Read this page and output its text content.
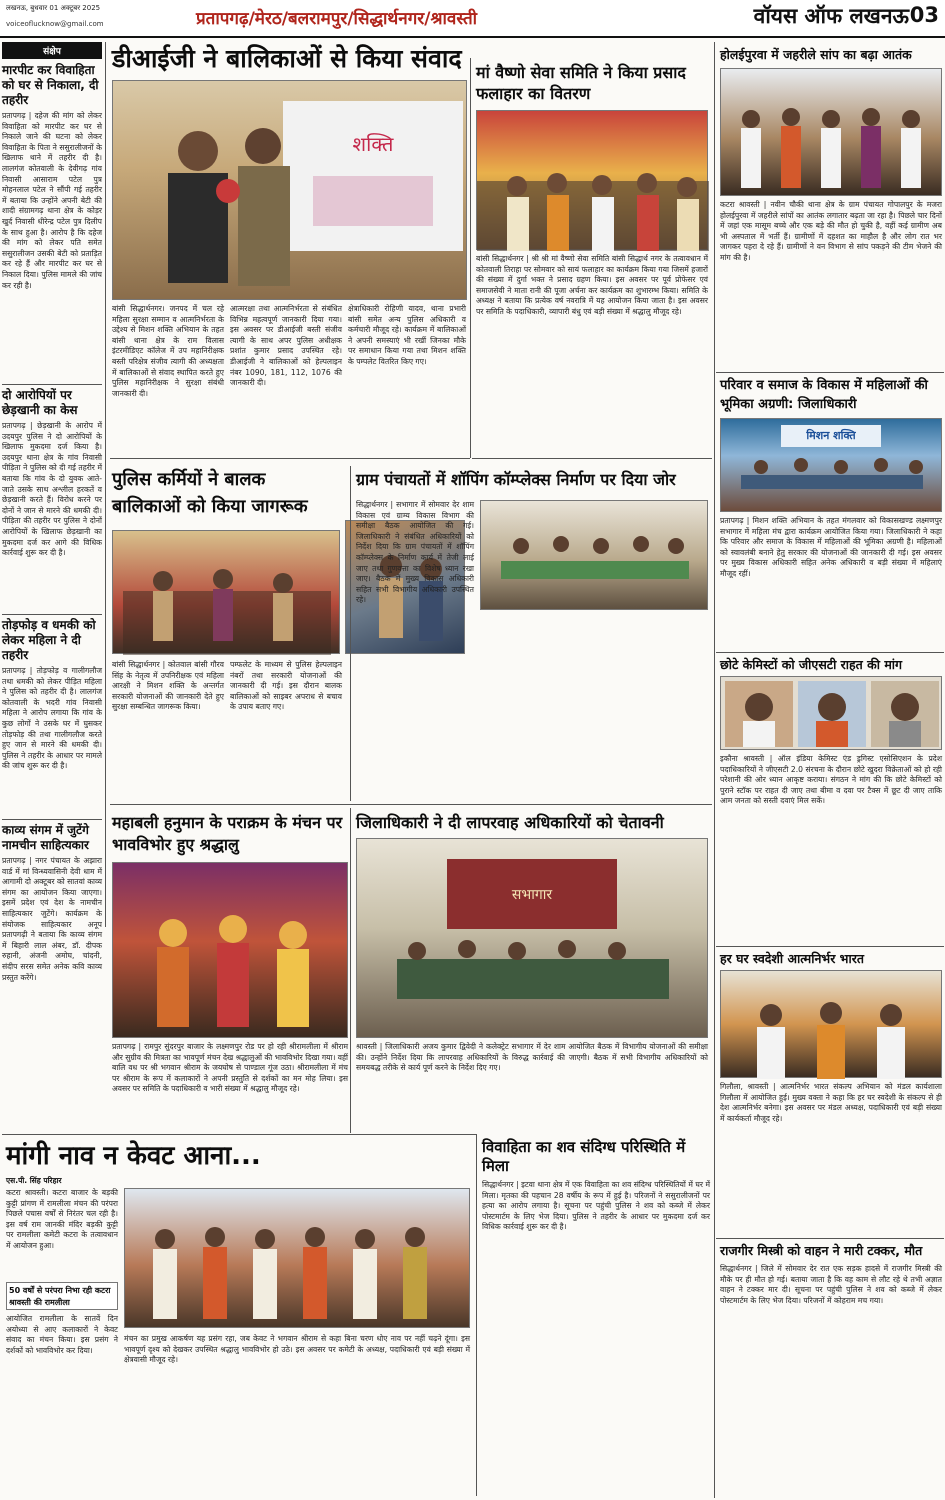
लखनऊ, बुधवार 01 अक्टूबर 2025
voiceoflucknow@gmail.com	प्रतापगढ़/मेरठ/बलरामपुर/सिद्धार्थनगर/श्रावस्ती	वॉयस ऑफ लखनऊ 03
संक्षेप
मारपीट कर विवाहिता को घर से निकाला, दी तहरीर
प्रतापगढ़ | दहेज की मांग को लेकर विवाहिता को मारपीट कर घर से निकाले जाने की घटना को लेकर विवाहिता के पिता ने ससुरालीजनों के खिलाफ थाने में तहरीर दी है। लालगंज कोतवाली के देवीगढ़ गांव निवासी आसाराम पटेल पुत्र मोहनलाल पटेल ने सौंपी गई तहरीर में बताया कि उन्होंने अपनी बेटी की शादी संग्रामगढ़ थाना क्षेत्र के कोड़र खुर्द निवासी धीरेन्द्र पटेल पुत्र दिलीप के साथ हुआ है। आरोप है कि दहेज की मांग को लेकर पति समेत ससुरालीजन उसकी बेटी को प्रताड़ित कर रहे हैं और मारपीट कर घर से निकाल दिया। पुलिस मामले की जांच कर रही है।
दो आरोपियों पर छेड़खानी का केस
प्रतापगढ़ | छेड़खानी के आरोप में उदयपुर पुलिस ने दो आरोपियों के खिलाफ मुकदमा दर्ज किया है। उदयपुर थाना क्षेत्र के गांव निवासी पीड़िता ने पुलिस को दी गई तहरीर में बताया कि गांव के दो युवक आते-जाते उसके साथ अश्लील हरकतें व छेड़खानी करते हैं। विरोध करने पर दोनों ने जान से मारने की धमकी दी। पीड़िता की तहरीर पर पुलिस ने दोनों आरोपियों के खिलाफ छेड़खानी का मुकदमा दर्ज कर आगे की विधिक कार्रवाई शुरू कर दी है।
तोड़फोड़ व धमकी को लेकर महिला ने दी तहरीर
प्रतापगढ़ | तोड़फोड़ व गालीगलौज तथा धमकी को लेकर पीड़ित महिला ने पुलिस को तहरीर दी है। लालगंज कोतवाली के भदरी गांव निवासी महिला ने आरोप लगाया कि गांव के कुछ लोगों ने उसके घर में घुसकर तोड़फोड़ की तथा गालीगलौज करते हुए जान से मारने की धमकी दी। पुलिस ने तहरीर के आधार पर मामले की जांच शुरू कर दी है।
काव्य संगम में जुटेंगे नामचीन साहित्यकार
प्रतापगढ़ | नगर पंचायत के अझारा वार्ड में मां विन्ध्यवासिनी देवी धाम में आगामी दो अक्टूबर को सातवां काव्य संगम का आयोजन किया जाएगा। इसमें प्रदेश एवं देश के नामचीन साहित्यकार जुटेंगे। कार्यक्रम के संयोजक साहित्यकार अनूप प्रतापगढ़ी ने बताया कि काव्य संगम में बिहारी लाल अंबर, डॉ. दीपक रुहानी, अंजनी अमोघ, चांदनी, संदीप सरस समेत अनेक कवि काव्य प्रस्तुत करेंगे।
डीआईजी ने बालिकाओं से किया संवाद
शक्ति
बांसी सिद्धार्थनगर। जनपद में चल रहे महिला सुरक्षा सम्मान व आत्मनिर्भरता के उद्देश्य से मिशन शक्ति अभियान के तहत बांसी थाना क्षेत्र के राम विलास इंटरमीडिएट कॉलेज में उप महानिरीक्षक बस्ती परिक्षेत्र संजीव त्यागी की अध्यक्षता में बालिकाओं से संवाद स्थापित करते हुए पुलिस महानिरीक्षक ने सुरक्षा संबंधी जानकारी दी।
आत्मरक्षा तथा आत्मनिर्भरता से संबंधित विभिन्न महत्वपूर्ण जानकारी दिया गया। इस अवसर पर डीआईजी बस्ती संजीव त्यागी के साथ अपर पुलिस अधीक्षक प्रशांत कुमार प्रसाद उपस्थित रहे। डीआईजी ने बालिकाओं को हेल्पलाइन नंबर 1090, 181, 112, 1076 की जानकारी दी।
क्षेत्राधिकारी रोहिणी यादव, थाना प्रभारी बांसी समेत अन्य पुलिस अधिकारी व कर्मचारी मौजूद रहे। कार्यक्रम में बालिकाओं ने अपनी समस्याएं भी रखीं जिनका मौके पर समाधान किया गया तथा मिशन शक्ति के पम्पलेट वितरित किए गए।
मां वैष्णो सेवा समिति ने किया प्रसाद फलाहार का वितरण
बांसी सिद्धार्थनगर | श्री श्री मां वैष्णो सेवा समिति बांसी सिद्धार्थ नगर के तत्वावधान में कोतवाली तिराहा पर सोमवार को सायं फलाहार का कार्यक्रम किया गया जिसमें हजारों की संख्या में दुर्गा भक्त ने प्रसाद ग्रहण किया। इस अवसर पर पूर्व प्रोफेसर एवं समाजसेवी ने माता रानी की पूजा अर्चना कर कार्यक्रम का शुभारम्भ किया। समिति के अध्यक्ष ने बताया कि प्रत्येक वर्ष नवरात्रि में यह आयोजन किया जाता है। इस अवसर पर समिति के पदाधिकारी, व्यापारी बंधु एवं बड़ी संख्या में श्रद्धालु मौजूद रहे।
पुलिस कर्मियों ने बालक बालिकाओं को किया जागरूक
बांसी सिद्धार्थनगर | कोतवाल बांसी गौरव सिंह के नेतृत्व में उपनिरीक्षक एवं महिला आरक्षी ने मिशन शक्ति के अन्तर्गत सरकारी योजनाओं की जानकारी देते हुए सुरक्षा सम्बन्धित जागरूक किया।
पम्फलेट के माध्यम से पुलिस हेल्पलाइन नंबरों तथा सरकारी योजनाओं की जानकारी दी गई। इस दौरान बालक बालिकाओं को साइबर अपराध से बचाव के उपाय बताए गए।
ग्राम पंचायतों में शॉपिंग कॉम्प्लेक्स निर्माण पर दिया जोर
सिद्धार्थनगर | सभागार में सोमवार देर शाम विकास एवं ग्राम्य विकास विभाग की समीक्षा बैठक आयोजित की गई। जिलाधिकारी ने संबंधित अधिकारियों को निर्देश दिया कि ग्राम पंचायतों में शॉपिंग कॉम्प्लेक्स के निर्माण कार्य में तेजी लाई जाए तथा गुणवत्ता का विशेष ध्यान रखा जाए। बैठक में मुख्य विकास अधिकारी सहित सभी विभागीय अधिकारी उपस्थित रहे।
महाबली हनुमान के पराक्रम के मंचन पर भावविभोर हुए श्रद्धालु
प्रतापगढ़ | रामपुर सुंदरपुर बाजार के लक्ष्मणपुर रोड पर हो रही श्रीरामलीला में श्रीराम और सुग्रीव की मित्रता का भावपूर्ण मंचन देख श्रद्धालुओं की भावविभोर दिखा गया। वहीं बालि वध पर श्री भगवान श्रीराम के जयघोष से पाण्डाल गूंज उठा। श्रीरामलीला में मंच पर श्रीराम के रूप में कलाकारों ने अपनी प्रस्तुति से दर्शकों का मन मोह लिया। इस अवसर पर समिति के पदाधिकारी व भारी संख्या में श्रद्धालु मौजूद रहे।
जिलाधिकारी ने दी लापरवाह अधिकारियों को चेतावनी
सभागार
श्रावस्ती | जिलाधिकारी अजय कुमार द्विवेदी ने कलेक्ट्रेट सभागार में देर शाम आयोजित बैठक में विभागीय योजनाओं की समीक्षा की। उन्होंने निर्देश दिया कि लापरवाह अधिकारियों के विरुद्ध कार्रवाई की जाएगी। बैठक में सभी विभागीय अधिकारियों को समयबद्ध तरीके से कार्य पूर्ण करने के निर्देश दिए गए।
मांगी नाव न केवट आना...
एस.पी. सिंह परिहार
कटरा श्रावस्ती। कटरा बाजार के बड़की कुट्टी प्रांगण में रामलीला मंचन की परंपरा पिछले पचास वर्षों से निरंतर चल रही है। इस वर्ष राम जानकी मंदिर बड़की कुट्टी पर रामलीला कमेटी कटरा के तत्वावधान में आयोजन हुआ।
50 वर्षों से परंपरा निभा रही कटरा श्रावस्ती की रामलीला
आयोजित रामलीला के सातवें दिन अयोध्या से आए कलाकारों ने केवट संवाद का मंचन किया। इस प्रसंग ने दर्शकों को भावविभोर कर दिया।
मंचन का प्रमुख आकर्षण यह प्रसंग रहा, जब केवट ने भगवान श्रीराम से कहा बिना चरण धोए नाव पर नहीं चढ़ने दूंगा। इस भावपूर्ण दृश्य को देखकर उपस्थित श्रद्धालु भावविभोर हो उठे। इस अवसर पर कमेटी के अध्यक्ष, पदाधिकारी एवं बड़ी संख्या में क्षेत्रवासी मौजूद रहे।
विवाहिता का शव संदिग्ध परिस्थिति में मिला
सिद्धार्थनगर | इटवा थाना क्षेत्र में एक विवाहिता का शव संदिग्ध परिस्थितियों में घर में मिला। मृतका की पहचान 28 वर्षीय के रूप में हुई है। परिजनों ने ससुरालीजनों पर हत्या का आरोप लगाया है। सूचना पर पहुंची पुलिस ने शव को कब्जे में लेकर पोस्टमार्टम के लिए भेज दिया। पुलिस ने तहरीर के आधार पर मुकदमा दर्ज कर विधिक कार्रवाई शुरू कर दी है।
होलईपुरवा में जहरीले सांप का बढ़ा आतंक
कटरा श्रावस्ती | नवीन चौकी थाना क्षेत्र के ग्राम पंचायत गोपालपुर के मजरा होलईपुरवा में जहरीले सांपों का आतंक लगातार बढ़ता जा रहा है। पिछले चार दिनों में जहां एक मासूम बच्चे और एक बड़े की मौत हो चुकी है, वहीं कई ग्रामीण अब भी अस्पताल में भर्ती हैं। ग्रामीणों में दहशत का माहौल है और लोग रात भर जागकर पहरा दे रहे हैं। ग्रामीणों ने वन विभाग से सांप पकड़ने की टीम भेजने की मांग की है।
परिवार व समाज के विकास में महिलाओं की भूमिका अग्रणी: जिलाधिकारी
मिशन शक्ति
प्रतापगढ़ | मिशन शक्ति अभियान के तहत मंगलवार को विकासखण्ड लक्ष्मणपुर सभागार में महिला मंच द्वारा कार्यक्रम आयोजित किया गया। जिलाधिकारी ने कहा कि परिवार और समाज के विकास में महिलाओं की भूमिका अग्रणी है। महिलाओं को स्वावलंबी बनाने हेतु सरकार की योजनाओं की जानकारी दी गई। इस अवसर पर मुख्य विकास अधिकारी सहित अनेक अधिकारी व बड़ी संख्या में महिलाएं मौजूद रहीं।
छोटे केमिस्टों को जीएसटी राहत की मांग
इकौना श्रावस्ती | ऑल इंडिया केमिस्ट एंड ड्रगिस्ट एसोसिएशन के प्रदेश पदाधिकारियों ने जीएसटी 2.0 संरचना के दौरान छोटे खुदरा विक्रेताओं को हो रही परेशानी की ओर ध्यान आकृष्ट कराया। संगठन ने मांग की कि छोटे केमिस्टों को पुराने स्टॉक पर राहत दी जाए तथा बीमा व दवा पर टैक्स में छूट दी जाए ताकि आम जनता को सस्ती दवाएं मिल सकें।
हर घर स्वदेशी आत्मनिर्भर भारत
गिलौला, श्रावस्ती | आत्मनिर्भर भारत संकल्प अभियान को मंडल कार्यशाला गिलौला में आयोजित हुई। मुख्य वक्ता ने कहा कि हर घर स्वदेशी के संकल्प से ही देश आत्मनिर्भर बनेगा। इस अवसर पर मंडल अध्यक्ष, पदाधिकारी एवं बड़ी संख्या में कार्यकर्ता मौजूद रहे।
राजगीर मिस्त्री को वाहन ने मारी टक्कर, मौत
सिद्धार्थनगर | जिले में सोमवार देर रात एक सड़क हादसे में राजगीर मिस्त्री की मौके पर ही मौत हो गई। बताया जाता है कि वह काम से लौट रहे थे तभी अज्ञात वाहन ने टक्कर मार दी। सूचना पर पहुंची पुलिस ने शव को कब्जे में लेकर पोस्टमार्टम के लिए भेज दिया। परिजनों में कोहराम मच गया।
